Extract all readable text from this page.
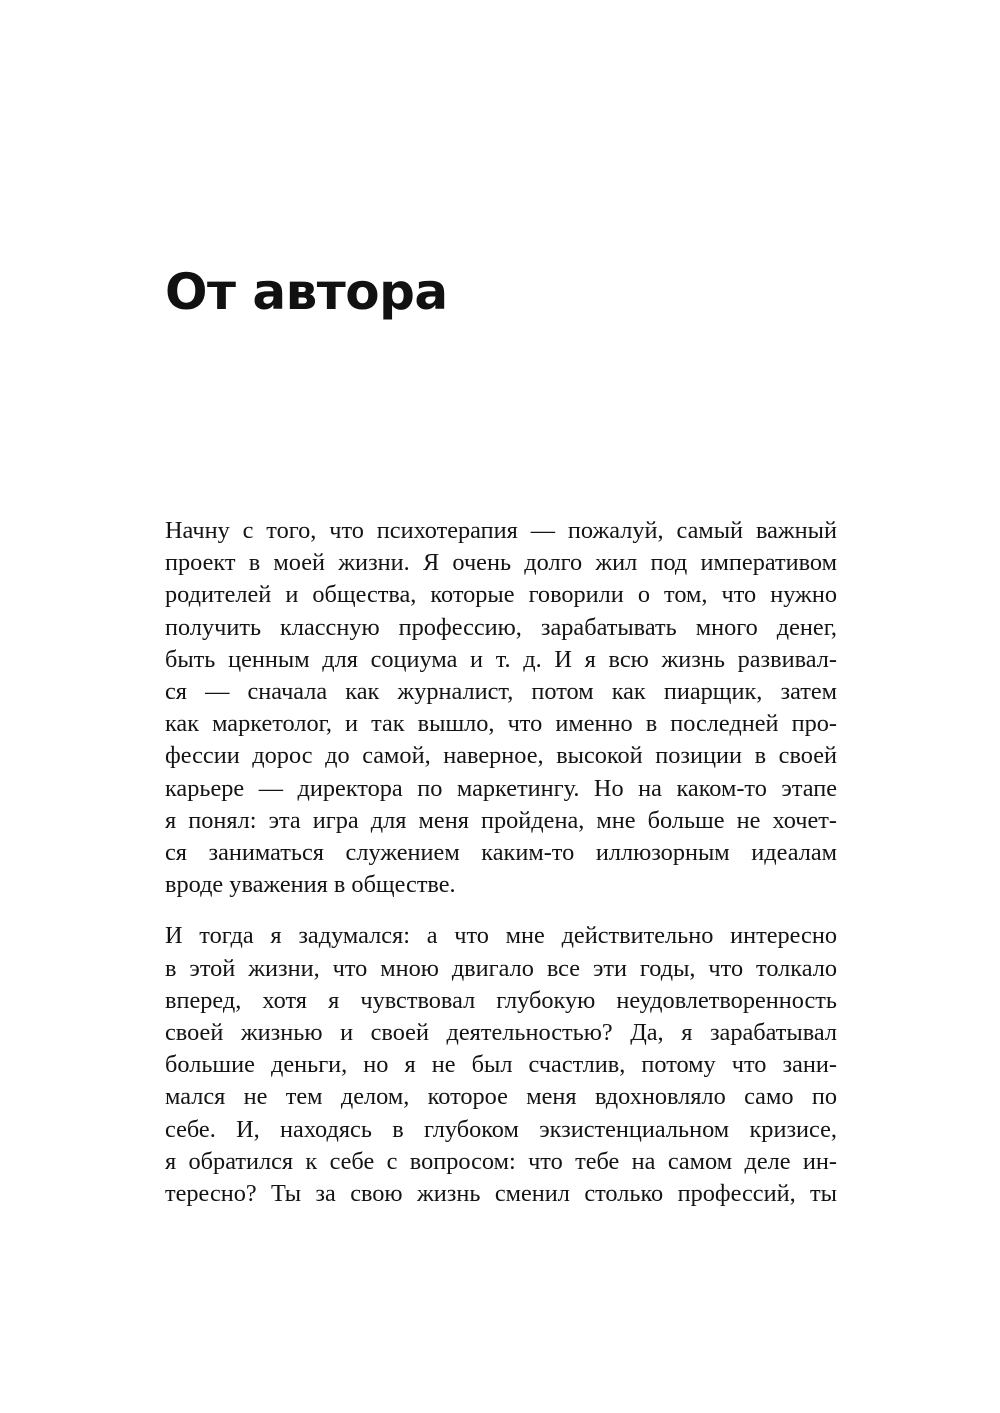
От автора

Начну с того, что психотерапия — пожалуй, самый важный
проект в моей жизни. Я очень долго жил под императивом
родителей и общества, которые говорили о том, что нужно
получить классную профессию, зарабатывать много денег,
быть ценным для социума и т. д. И я всю жизнь развивал-
ся — сначала как журналист, потом как пиарщик, затем
как маркетолог, и так вышло, что именно в последней про-
фессии дорос до самой, наверное, высокой позиции в своей
карьере — директора по маркетингу. Но на каком-то этапе
я понял: эта игра для меня пройдена, мне больше не хочет-
ся заниматься служением каким-то иллюзорным идеалам
вроде уважения в обществе.

И тогда я задумался: а что мне действительно интересно
в этой жизни, что мною двигало все эти годы, что толкало
вперед, хотя я чувствовал глубокую неудовлетворенность
своей жизнью и своей деятельностью? Да, я зарабатывал
большие деньги, но я не был счастлив, потому что зани-
мался не тем делом, которое меня вдохновляло само по
себе. И, находясь в глубоком экзистенциальном кризисе,
я обратился к себе с вопросом: что тебе на самом деле ин-
тересно? Ты за свою жизнь сменил столько профессий, ты
